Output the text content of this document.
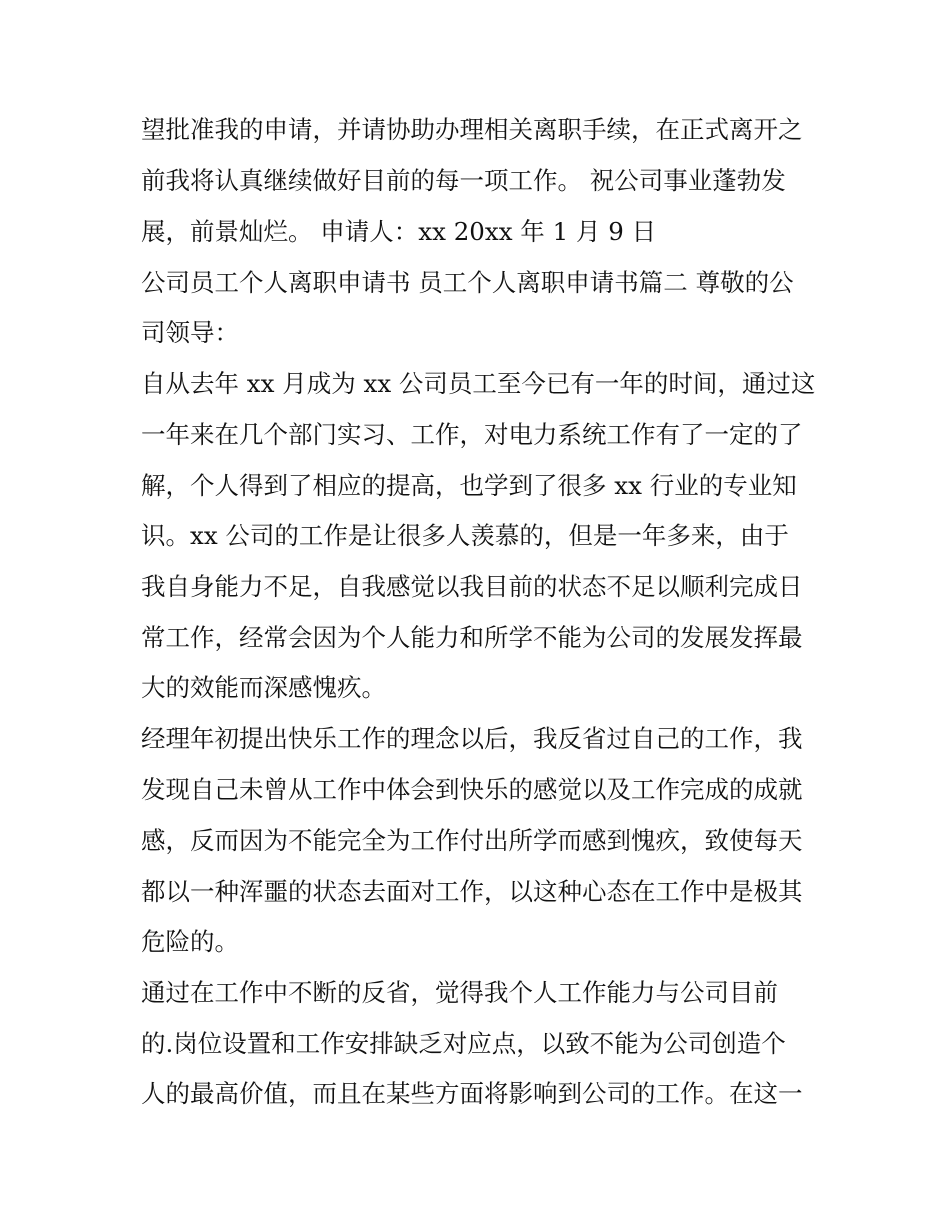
望批准我的申请，并请协助办理相关离职手续，在正式离开之

前我将认真继续做好目前的每一项工作。 祝公司事业蓬勃发

展，前景灿烂。 申请人：xx 20xx 年 1 月 9 日

公司员工个人离职申请书 员工个人离职申请书篇二 尊敬的公

司领导：

自从去年 xx 月成为 xx 公司员工至今已有一年的时间，通过这

一年来在几个部门实习、工作，对电力系统工作有了一定的了

解，个人得到了相应的提高，也学到了很多 xx 行业的专业知

识。xx 公司的工作是让很多人羡慕的，但是一年多来，由于

我自身能力不足，自我感觉以我目前的状态不足以顺利完成日

常工作，经常会因为个人能力和所学不能为公司的发展发挥最

大的效能而深感愧疚。

经理年初提出快乐工作的理念以后，我反省过自己的工作，我

发现自己未曾从工作中体会到快乐的感觉以及工作完成的成就

感，反而因为不能完全为工作付出所学而感到愧疚，致使每天

都以一种浑噩的状态去面对工作，以这种心态在工作中是极其

危险的。

通过在工作中不断的反省，觉得我个人工作能力与公司目前

的.岗位设置和工作安排缺乏对应点，以致不能为公司创造个

人的最高价值，而且在某些方面将影响到公司的工作。在这一
